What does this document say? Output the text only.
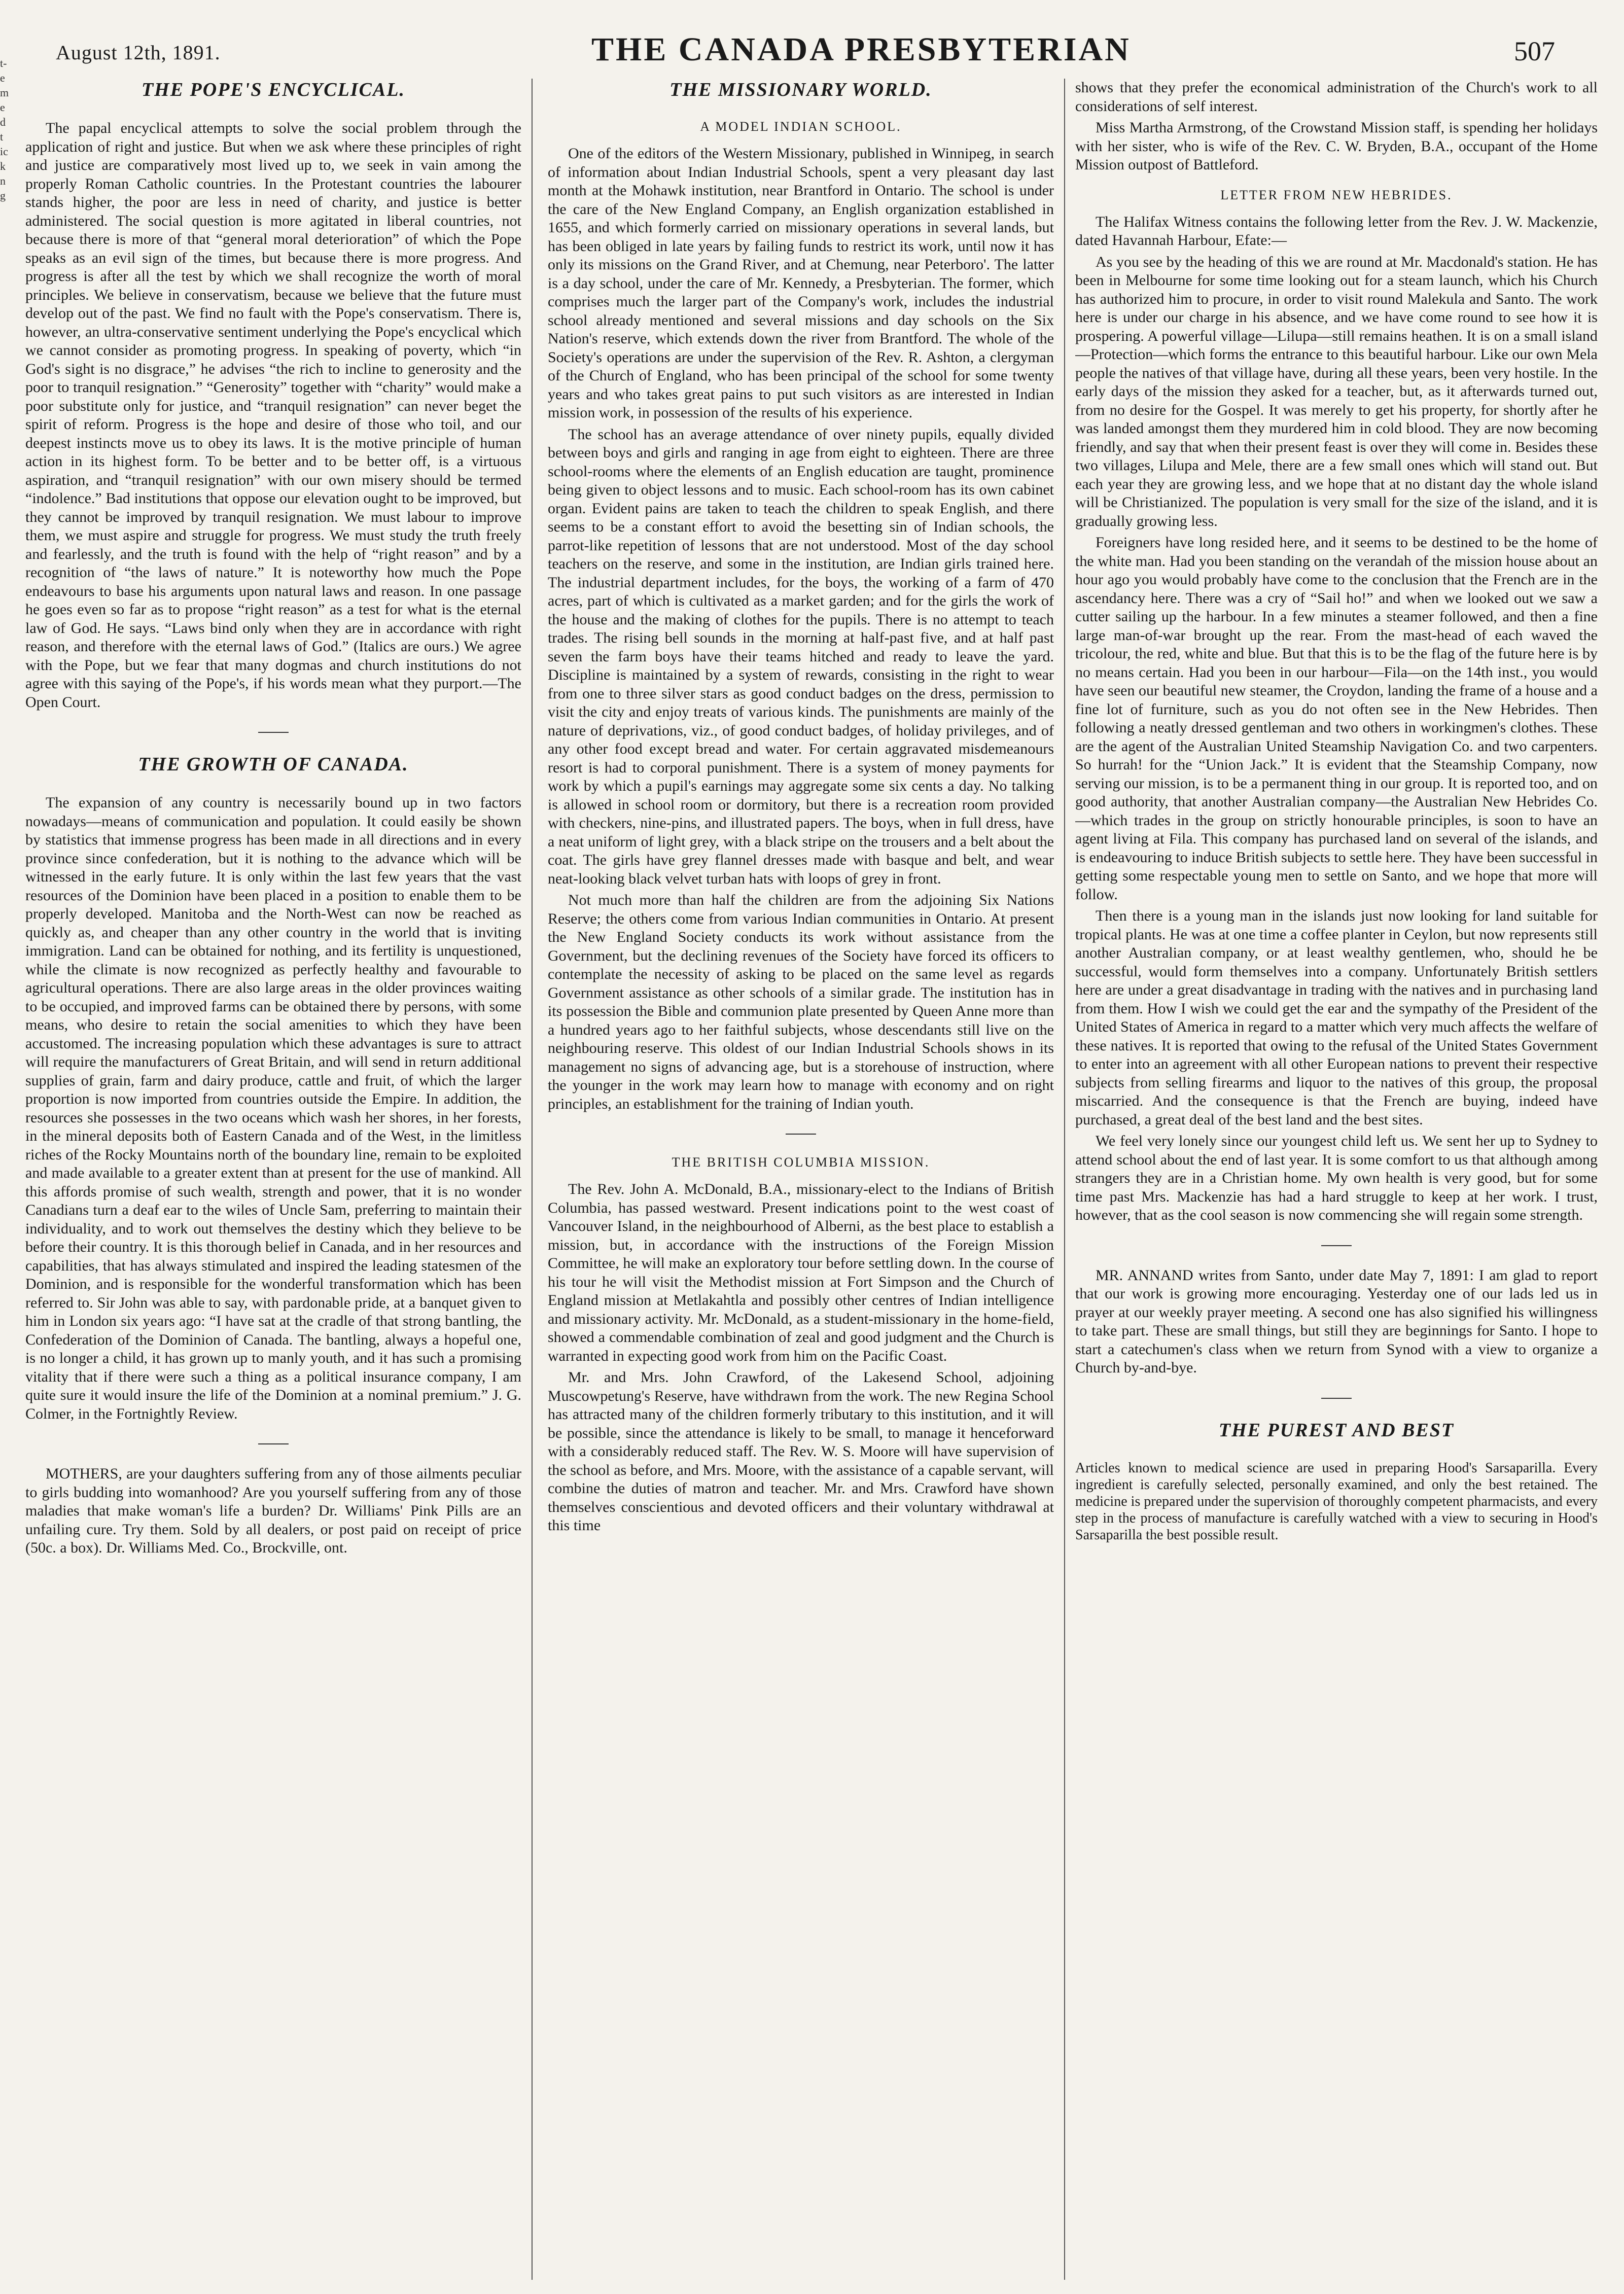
August 12th, 1891.	THE CANADA PRESBYTERIAN	507
t-
e
m
e
d
t
ic
k
n
g
THE POPE'S ENCYCLICAL.

The papal encyclical attempts to solve the social problem through the application of right and justice. But when we ask where these principles of right and justice are comparatively most lived up to, we seek in vain among the properly Roman Catholic countries. In the Protestant countries the labourer stands higher, the poor are less in need of charity, and justice is better administered. The social question is more agitated in liberal countries, not because there is more of that “general moral deterioration” of which the Pope speaks as an evil sign of the times, but because there is more progress. And progress is after all the test by which we shall recognize the worth of moral principles. We believe in conservatism, because we believe that the future must develop out of the past. We find no fault with the Pope's conservatism. There is, however, an ultra-conservative sentiment underlying the Pope's encyclical which we cannot consider as promoting progress. In speaking of poverty, which “in God's sight is no disgrace,” he advises “the rich to incline to generosity and the poor to tranquil resignation.” “Generosity” together with “charity” would make a poor substitute only for justice, and “tranquil resignation” can never beget the spirit of reform. Progress is the hope and desire of those who toil, and our deepest instincts move us to obey its laws. It is the motive principle of human action in its highest form. To be better and to be better off, is a virtuous aspiration, and “tranquil resignation” with our own misery should be termed “indolence.” Bad institutions that oppose our elevation ought to be improved, but they cannot be improved by tranquil resignation. We must labour to improve them, we must aspire and struggle for progress. We must study the truth freely and fearlessly, and the truth is found with the help of “right reason” and by a recognition of “the laws of nature.” It is noteworthy how much the Pope endeavours to base his arguments upon natural laws and reason. In one passage he goes even so far as to propose “right reason” as a test for what is the eternal law of God. He says. “Laws bind only when they are in accordance with right reason, and therefore with the eternal laws of God.” (Italics are ours.) We agree with the Pope, but we fear that many dogmas and church institutions do not agree with this saying of the Pope's, if his words mean what they purport.—The Open Court.

THE GROWTH OF CANADA.

The expansion of any country is necessarily bound up in two factors nowadays—means of communication and population. It could easily be shown by statistics that immense progress has been made in all directions and in every province since confederation, but it is nothing to the advance which will be witnessed in the early future. It is only within the last few years that the vast resources of the Dominion have been placed in a position to enable them to be properly developed. Manitoba and the North-West can now be reached as quickly as, and cheaper than any other country in the world that is inviting immigration. Land can be obtained for nothing, and its fertility is unquestioned, while the climate is now recognized as perfectly healthy and favourable to agricultural operations. There are also large areas in the older provinces waiting to be occupied, and improved farms can be obtained there by persons, with some means, who desire to retain the social amenities to which they have been accustomed. The increasing population which these advantages is sure to attract will require the manufacturers of Great Britain, and will send in return additional supplies of grain, farm and dairy produce, cattle and fruit, of which the larger proportion is now imported from countries outside the Empire. In addition, the resources she possesses in the two oceans which wash her shores, in her forests, in the mineral deposits both of Eastern Canada and of the West, in the limitless riches of the Rocky Mountains north of the boundary line, remain to be exploited and made available to a greater extent than at present for the use of mankind. All this affords promise of such wealth, strength and power, that it is no wonder Canadians turn a deaf ear to the wiles of Uncle Sam, preferring to maintain their individuality, and to work out themselves the destiny which they believe to be before their country. It is this thorough belief in Canada, and in her resources and capabilities, that has always stimulated and inspired the leading statesmen of the Dominion, and is responsible for the wonderful transformation which has been referred to. Sir John was able to say, with pardonable pride, at a banquet given to him in London six years ago: “I have sat at the cradle of that strong bantling, the Confederation of the Dominion of Canada. The bantling, always a hopeful one, is no longer a child, it has grown up to manly youth, and it has such a promising vitality that if there were such a thing as a political insurance company, I am quite sure it would insure the life of the Dominion at a nominal premium.” J. G. Colmer, in the Fortnightly Review.

MOTHERS, are your daughters suffering from any of those ailments peculiar to girls budding into womanhood? Are you yourself suffering from any of those maladies that make woman's life a burden? Dr. Williams' Pink Pills are an unfailing cure. Try them. Sold by all dealers, or post paid on receipt of price (50c. a box). Dr. Williams Med. Co., Brockville, ont.

THE MISSIONARY WORLD.
A MODEL INDIAN SCHOOL.

One of the editors of the Western Missionary, published in Winnipeg, in search of information about Indian Industrial Schools, spent a very pleasant day last month at the Mohawk institution, near Brantford in Ontario. The school is under the care of the New England Company, an English organization established in 1655, and which formerly carried on missionary operations in several lands, but has been obliged in late years by failing funds to restrict its work, until now it has only its missions on the Grand River, and at Chemung, near Peterboro'. The latter is a day school, under the care of Mr. Kennedy, a Presbyterian. The former, which comprises much the larger part of the Company's work, includes the industrial school already mentioned and several missions and day schools on the Six Nation's reserve, which extends down the river from Brantford. The whole of the Society's operations are under the supervision of the Rev. R. Ashton, a clergyman of the Church of England, who has been principal of the school for some twenty years and who takes great pains to put such visitors as are interested in Indian mission work, in possession of the results of his experience.

The school has an average attendance of over ninety pupils, equally divided between boys and girls and ranging in age from eight to eighteen. There are three school-rooms where the elements of an English education are taught, prominence being given to object lessons and to music. Each school-room has its own cabinet organ. Evident pains are taken to teach the children to speak English, and there seems to be a constant effort to avoid the besetting sin of Indian schools, the parrot-like repetition of lessons that are not understood. Most of the day school teachers on the reserve, and some in the institution, are Indian girls trained here. The industrial department includes, for the boys, the working of a farm of 470 acres, part of which is cultivated as a market garden; and for the girls the work of the house and the making of clothes for the pupils. There is no attempt to teach trades. The rising bell sounds in the morning at half-past five, and at half past seven the farm boys have their teams hitched and ready to leave the yard. Discipline is maintained by a system of rewards, consisting in the right to wear from one to three silver stars as good conduct badges on the dress, permission to visit the city and enjoy treats of various kinds. The punishments are mainly of the nature of deprivations, viz., of good conduct badges, of holiday privileges, and of any other food except bread and water. For certain aggravated misdemeanours resort is had to corporal punishment. There is a system of money payments for work by which a pupil's earnings may aggregate some six cents a day. No talking is allowed in school room or dormitory, but there is a recreation room provided with checkers, nine-pins, and illustrated papers. The boys, when in full dress, have a neat uniform of light grey, with a black stripe on the trousers and a belt about the coat. The girls have grey flannel dresses made with basque and belt, and wear neat-looking black velvet turban hats with loops of grey in front.

Not much more than half the children are from the adjoining Six Nations Reserve; the others come from various Indian communities in Ontario. At present the New England Society conducts its work without assistance from the Government, but the declining revenues of the Society have forced its officers to contemplate the necessity of asking to be placed on the same level as regards Government assistance as other schools of a similar grade. The institution has in its possession the Bible and communion plate presented by Queen Anne more than a hundred years ago to her faithful subjects, whose descendants still live on the neighbouring reserve. This oldest of our Indian Industrial Schools shows in its management no signs of advancing age, but is a storehouse of instruction, where the younger in the work may learn how to manage with economy and on right principles, an establishment for the training of Indian youth.

THE BRITISH COLUMBIA MISSION.

The Rev. John A. McDonald, B.A., missionary-elect to the Indians of British Columbia, has passed westward. Present indications point to the west coast of Vancouver Island, in the neighbourhood of Alberni, as the best place to establish a mission, but, in accordance with the instructions of the Foreign Mission Committee, he will make an exploratory tour before settling down. In the course of his tour he will visit the Methodist mission at Fort Simpson and the Church of England mission at Metlakahtla and possibly other centres of Indian intelligence and missionary activity. Mr. McDonald, as a student-missionary in the home-field, showed a commendable combination of zeal and good judgment and the Church is warranted in expecting good work from him on the Pacific Coast.

Mr. and Mrs. John Crawford, of the Lakesend School, adjoining Muscowpetung's Reserve, have withdrawn from the work. The new Regina School has attracted many of the children formerly tributary to this institution, and it will be possible, since the attendance is likely to be small, to manage it henceforward with a considerably reduced staff. The Rev. W. S. Moore will have supervision of the school as before, and Mrs. Moore, with the assistance of a capable servant, will combine the duties of matron and teacher. Mr. and Mrs. Crawford have shown themselves conscientious and devoted officers and their voluntary withdrawal at this time

shows that they prefer the economical administration of the Church's work to all considerations of self interest.

Miss Martha Armstrong, of the Crowstand Mission staff, is spending her holidays with her sister, who is wife of the Rev. C. W. Bryden, B.A., occupant of the Home Mission outpost of Battleford.

LETTER FROM NEW HEBRIDES.

The Halifax Witness contains the following letter from the Rev. J. W. Mackenzie, dated Havannah Harbour, Efate:—

As you see by the heading of this we are round at Mr. Macdonald's station. He has been in Melbourne for some time looking out for a steam launch, which his Church has authorized him to procure, in order to visit round Malekula and Santo. The work here is under our charge in his absence, and we have come round to see how it is prospering. A powerful village—Lilupa—still remains heathen. It is on a small island—Protection—which forms the entrance to this beautiful harbour. Like our own Mela people the natives of that village have, during all these years, been very hostile. In the early days of the mission they asked for a teacher, but, as it afterwards turned out, from no desire for the Gospel. It was merely to get his property, for shortly after he was landed amongst them they murdered him in cold blood. They are now becoming friendly, and say that when their present feast is over they will come in. Besides these two villages, Lilupa and Mele, there are a few small ones which will stand out. But each year they are growing less, and we hope that at no distant day the whole island will be Christianized. The population is very small for the size of the island, and it is gradually growing less.

Foreigners have long resided here, and it seems to be destined to be the home of the white man. Had you been standing on the verandah of the mission house about an hour ago you would probably have come to the conclusion that the French are in the ascendancy here. There was a cry of “Sail ho!” and when we looked out we saw a cutter sailing up the harbour. In a few minutes a steamer followed, and then a fine large man-of-war brought up the rear. From the mast-head of each waved the tricolour, the red, white and blue. But that this is to be the flag of the future here is by no means certain. Had you been in our harbour—Fila—on the 14th inst., you would have seen our beautiful new steamer, the Croydon, landing the frame of a house and a fine lot of furniture, such as you do not often see in the New Hebrides. Then following a neatly dressed gentleman and two others in workingmen's clothes. These are the agent of the Australian United Steamship Navigation Co. and two carpenters. So hurrah! for the “Union Jack.” It is evident that the Steamship Company, now serving our mission, is to be a permanent thing in our group. It is reported too, and on good authority, that another Australian company—the Australian New Hebrides Co.—which trades in the group on strictly honourable principles, is soon to have an agent living at Fila. This company has purchased land on several of the islands, and is endeavouring to induce British subjects to settle here. They have been successful in getting some respectable young men to settle on Santo, and we hope that more will follow.

Then there is a young man in the islands just now looking for land suitable for tropical plants. He was at one time a coffee planter in Ceylon, but now represents still another Australian company, or at least wealthy gentlemen, who, should he be successful, would form themselves into a company. Unfortunately British settlers here are under a great disadvantage in trading with the natives and in purchasing land from them. How I wish we could get the ear and the sympathy of the President of the United States of America in regard to a matter which very much affects the welfare of these natives. It is reported that owing to the refusal of the United States Government to enter into an agreement with all other European nations to prevent their respective subjects from selling firearms and liquor to the natives of this group, the proposal miscarried. And the consequence is that the French are buying, indeed have purchased, a great deal of the best land and the best sites.

We feel very lonely since our youngest child left us. We sent her up to Sydney to attend school about the end of last year. It is some comfort to us that although among strangers they are in a Christian home. My own health is very good, but for some time past Mrs. Mackenzie has had a hard struggle to keep at her work. I trust, however, that as the cool season is now commencing she will regain some strength.

MR. ANNAND writes from Santo, under date May 7, 1891: I am glad to report that our work is growing more encouraging. Yesterday one of our lads led us in prayer at our weekly prayer meeting. A second one has also signified his willingness to take part. These are small things, but still they are beginnings for Santo. I hope to start a catechumen's class when we return from Synod with a view to organize a Church by-and-bye.

THE PUREST AND BEST

Articles known to medical science are used in preparing Hood's Sarsaparilla. Every ingredient is carefully selected, personally examined, and only the best retained. The medicine is prepared under the supervision of thoroughly competent pharmacists, and every step in the process of manufacture is carefully watched with a view to securing in Hood's Sarsaparilla the best possible result.
